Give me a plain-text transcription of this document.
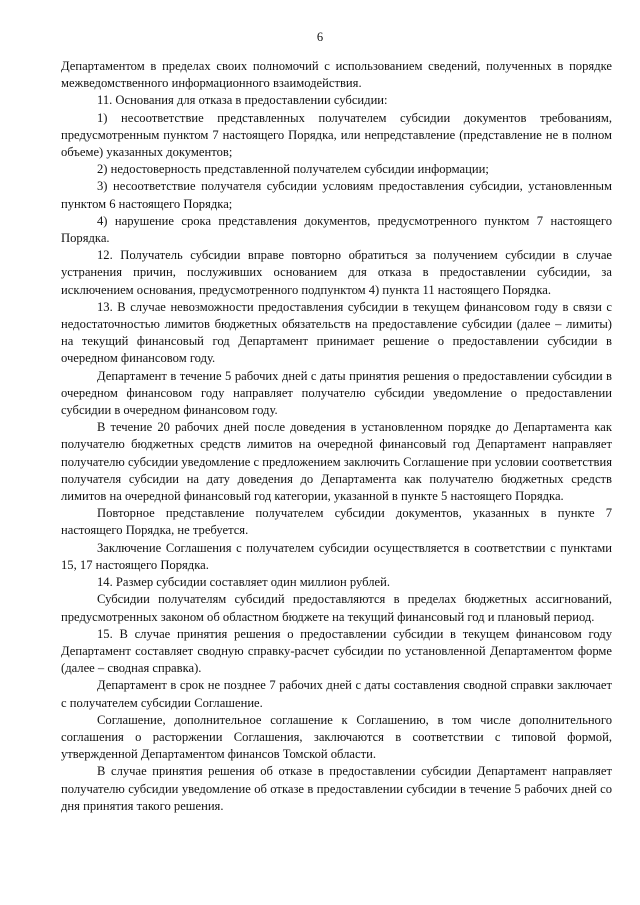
6

Департаментом в пределах своих полномочий с использованием сведений, полученных в порядке межведомственного информационного взаимодействия.

11. Основания для отказа в предоставлении субсидии:

1) несоответствие представленных получателем субсидии документов требованиям, предусмотренным пунктом 7 настоящего Порядка, или непредставление (представление не в полном объеме) указанных документов;

2) недостоверность представленной получателем субсидии информации;

3) несоответствие получателя субсидии условиям предоставления субсидии, установленным пунктом 6 настоящего Порядка;

4) нарушение срока представления документов, предусмотренного пунктом 7 настоящего Порядка.

12. Получатель субсидии вправе повторно обратиться за получением субсидии в случае устранения причин, послуживших основанием для отказа в предоставлении субсидии, за исключением основания, предусмотренного подпунктом 4) пункта 11 настоящего Порядка.

13. В случае невозможности предоставления субсидии в текущем финансовом году в связи с недостаточностью лимитов бюджетных обязательств на предоставление субсидии (далее – лимиты) на текущий финансовый год Департамент принимает решение о предоставлении субсидии в очередном финансовом году.

Департамент в течение 5 рабочих дней с даты принятия решения о предоставлении субсидии в очередном финансовом году направляет получателю субсидии уведомление о предоставлении субсидии в очередном финансовом году.

В течение 20 рабочих дней после доведения в установленном порядке до Департамента как получателю бюджетных средств лимитов на очередной финансовый год Департамент направляет получателю субсидии уведомление с предложением заключить Соглашение при условии соответствия получателя субсидии на дату доведения до Департамента как получателю бюджетных средств лимитов на очередной финансовый год категории, указанной в пункте 5 настоящего Порядка.

Повторное представление получателем субсидии документов, указанных в пункте 7 настоящего Порядка, не требуется.

Заключение Соглашения с получателем субсидии осуществляется в соответствии с пунктами 15, 17 настоящего Порядка.

14. Размер субсидии составляет один миллион рублей.

Субсидии получателям субсидий предоставляются в пределах бюджетных ассигнований, предусмотренных законом об областном бюджете на текущий финансовый год и плановый период.

15. В случае принятия решения о предоставлении субсидии в текущем финансовом году Департамент составляет сводную справку-расчет субсидии по установленной Департаментом форме (далее – сводная справка).

Департамент в срок не позднее 7 рабочих дней с даты составления сводной справки заключает с получателем субсидии Соглашение.

Соглашение, дополнительное соглашение к Соглашению, в том числе дополнительного соглашения о расторжении Соглашения, заключаются в соответствии с типовой формой, утвержденной Департаментом финансов Томской области.

В случае принятия решения об отказе в предоставлении субсидии Департамент направляет получателю субсидии уведомление об отказе в предоставлении субсидии в течение 5 рабочих дней со дня принятия такого решения.
